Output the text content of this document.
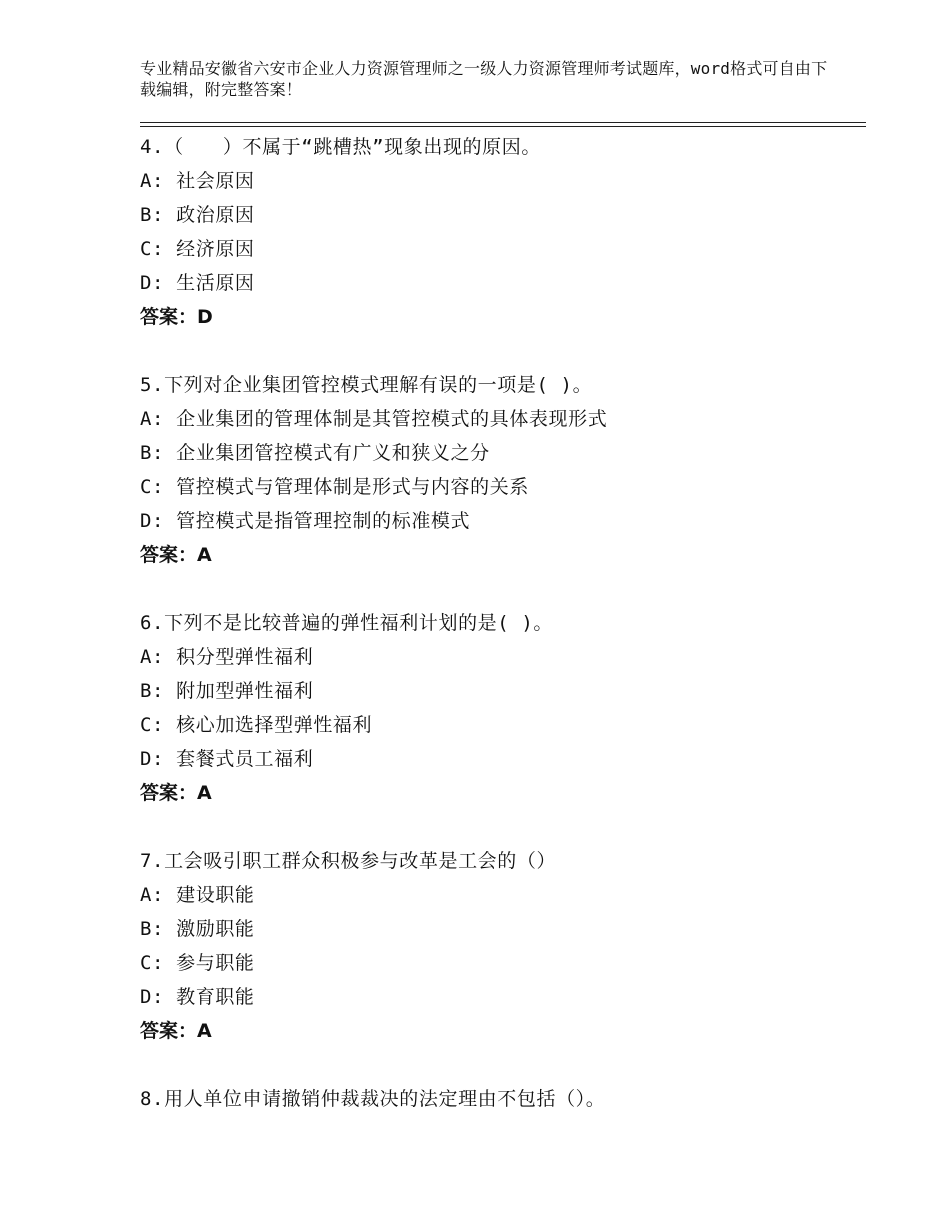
专业精品安徽省六安市企业人力资源管理师之一级人力资源管理师考试题库，word格式可自由下载编辑，附完整答案！
4.（　　）不属于“跳槽热”现象出现的原因。
A: 社会原因
B: 政治原因
C: 经济原因
D: 生活原因
答案：D
5.下列对企业集团管控模式理解有误的一项是( )。
A: 企业集团的管理体制是其管控模式的具体表现形式
B: 企业集团管控模式有广义和狭义之分
C: 管控模式与管理体制是形式与内容的关系
D: 管控模式是指管理控制的标准模式
答案：A
6.下列不是比较普遍的弹性福利计划的是( )。
A: 积分型弹性福利
B: 附加型弹性福利
C: 核心加选择型弹性福利
D: 套餐式员工福利
答案：A
7.工会吸引职工群众积极参与改革是工会的（）
A: 建设职能
B: 激励职能
C: 参与职能
D: 教育职能
答案：A
8.用人单位申请撤销仲裁裁决的法定理由不包括（）。
